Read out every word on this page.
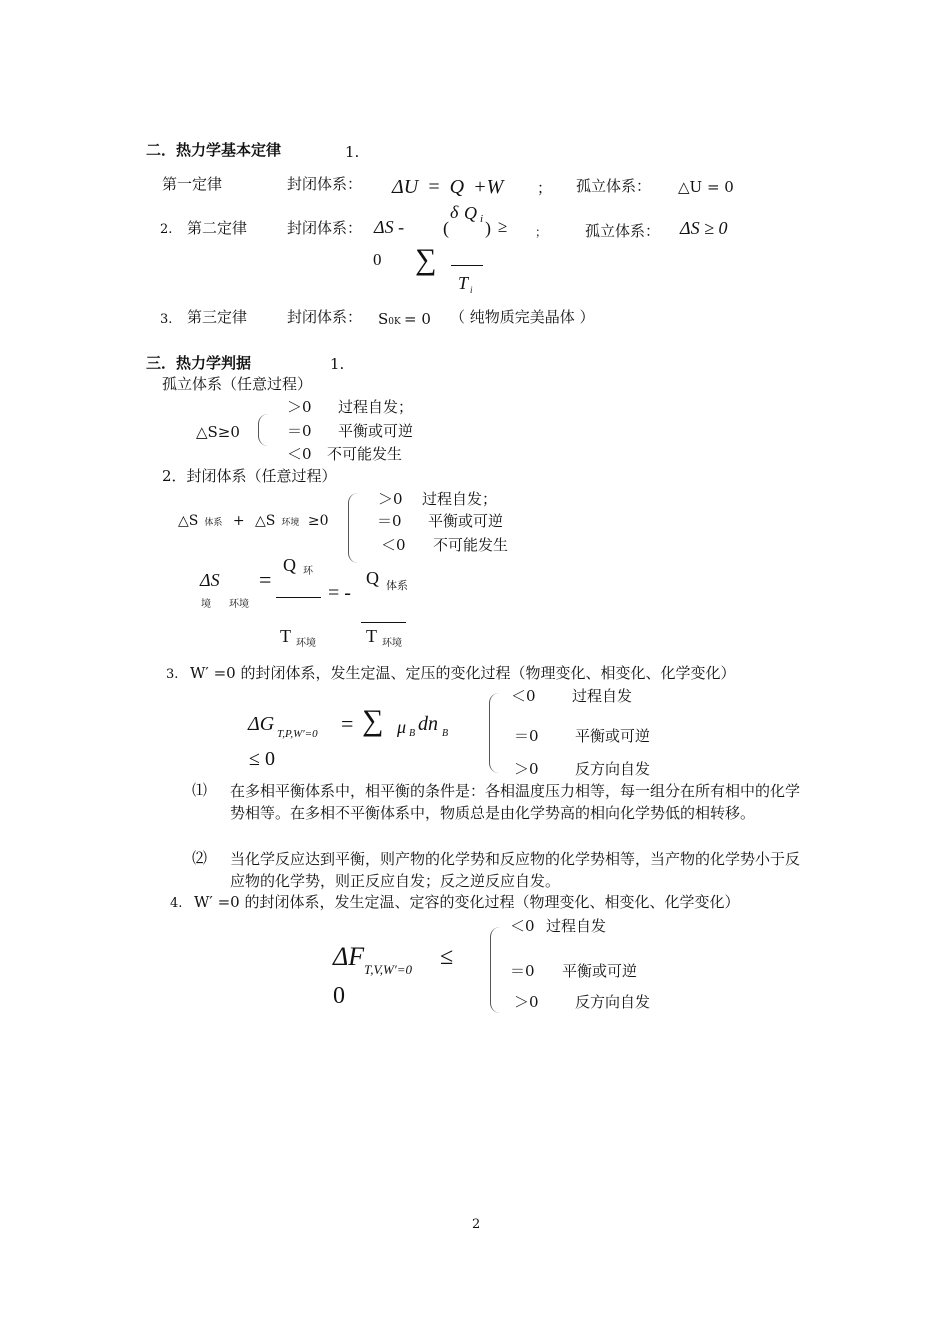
二．热力学基本定律	1.
第一定律	封闭体系： ΔU = Q +W ； 孤立体系： △U = 0
2. 第二定律	封闭体系： ΔS - (
δ Q i ) ≥ ；	孤立体系： ΔS ≥ 0
0 ∑
T i
3. 第三定律	封闭体系： S0K = 0 （ 纯物质完美晶体 ）
三．热力学判据	1.
孤立体系（任意过程）
△S≥0
＞0 过程自发；
＝0 平衡或可逆
＜0 不可能发生
2．封闭体系（任意过程）
△S 体系 + △S 环境 ≥0
＞0 过程自发；
＝0 平衡或可逆
＜0 不可能发生
ΔS
境 环境
=
Q 环
= -
Q 体系
T 环境	T 环境
3. W′ =0 的封闭体系，发生定温、定压的变化过程（物理变化、相变化、化学变化）
ΔG T,P,W′=0 = ∑ μ B dn B
≤ 0
＜0 过程自发
＝0 平衡或可逆
＞0 反方向自发
⑴ 在多相平衡体系中，相平衡的条件是：各相温度压力相等，每一组分在所有相中的化学势相等。在多相不平衡体系中，物质总是由化学势高的相向化学势低的相转移。
⑵ 当化学反应达到平衡，则产物的化学势和反应物的化学势相等，当产物的化学势小于反应物的化学势，则正反应自发；反之逆反应自发。
4. W′ =0 的封闭体系，发生定温、定容的变化过程（物理变化、相变化、化学变化）
ΔF T,V,W′=0 ≤
0
＜0 过程自发
＝0 平衡或可逆
＞0 反方向自发
2
